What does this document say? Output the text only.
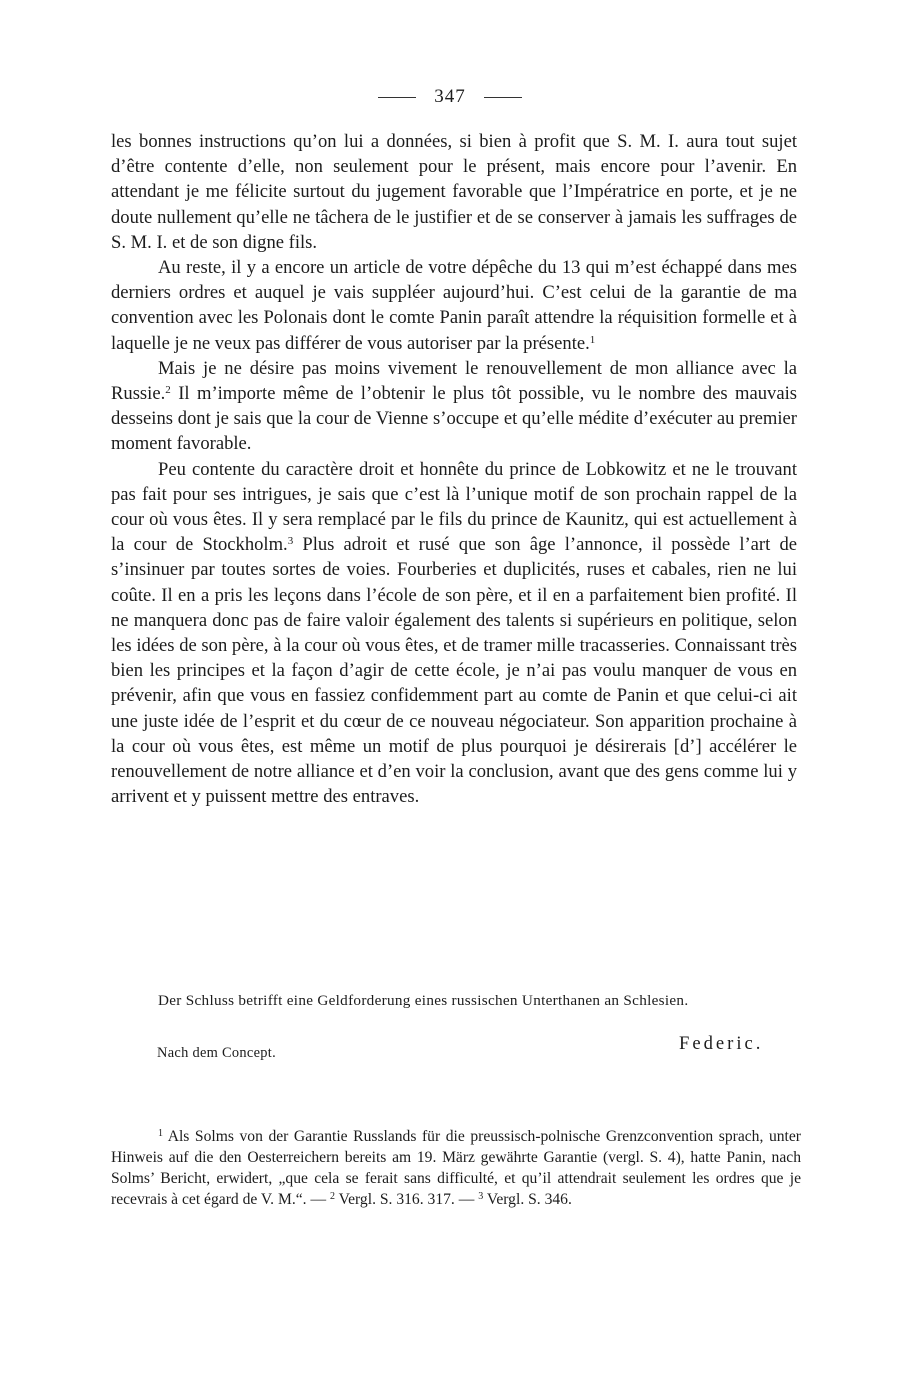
347

les bonnes instructions qu’on lui a données, si bien à profit que S. M. I. aura tout sujet d’être contente d’elle, non seulement pour le présent, mais encore pour l’avenir. En attendant je me félicite surtout du jugement favorable que l’Impératrice en porte, et je ne doute nullement qu’elle ne tâchera de le justifier et de se conserver à jamais les suffrages de S. M. I. et de son digne fils.

Au reste, il y a encore un article de votre dépêche du 13 qui m’est échappé dans mes derniers ordres et auquel je vais suppléer aujourd’hui. C’est celui de la garantie de ma convention avec les Polonais dont le comte Panin paraît attendre la réquisition formelle et à laquelle je ne veux pas différer de vous autoriser par la présente.$^1$

Mais je ne désire pas moins vivement le renouvellement de mon alliance avec la Russie.$^2$ Il m’importe même de l’obtenir le plus tôt possible, vu le nombre des mauvais desseins dont je sais que la cour de Vienne s’occupe et qu’elle médite d’exécuter au premier moment favorable.

Peu contente du caractère droit et honnête du prince de Lobkowitz et ne le trouvant pas fait pour ses intrigues, je sais que c’est là l’unique motif de son prochain rappel de la cour où vous êtes. Il y sera remplacé par le fils du prince de Kaunitz, qui est actuellement à la cour de Stockholm.$^3$ Plus adroit et rusé que son âge l’annonce, il possède l’art de s’insinuer par toutes sortes de voies. Fourberies et duplicités, ruses et cabales, rien ne lui coûte. Il en a pris les leçons dans l’école de son père, et il en a parfaitement bien profité. Il ne manquera donc pas de faire valoir également des talents si supérieurs en politique, selon les idées de son père, à la cour où vous êtes, et de tramer mille tracasseries. Connaissant très bien les principes et la façon d’agir de cette école, je n’ai pas voulu manquer de vous en prévenir, afin que vous en fassiez confidemment part au comte de Panin et que celui-ci ait une juste idée de l’esprit et du cœur de ce nouveau négociateur. Son apparition prochaine à la cour où vous êtes, est même un motif de plus pourquoi je désirerais [d’] accélérer le renouvellement de notre alliance et d’en voir la conclusion, avant que des gens comme lui y arrivent et y puissent mettre des entraves.

Der Schluss betrifft eine Geldforderung eines russischen Unterthanen an Schlesien.
Nach dem Concept.	Federic.

$^1$ Als Solms von der Garantie Russlands für die preussisch-polnische Grenzconvention sprach, unter Hinweis auf die den Oesterreichern bereits am 19. März gewährte Garantie (vergl. S. 4), hatte Panin, nach Solms’ Bericht, erwidert, „que cela se ferait sans difficulté, et qu’il attendrait seulement les ordres que je recevrais à cet égard de V. M.“. — $^2$ Vergl. S. 316. 317. — $^3$ Vergl. S. 346.
